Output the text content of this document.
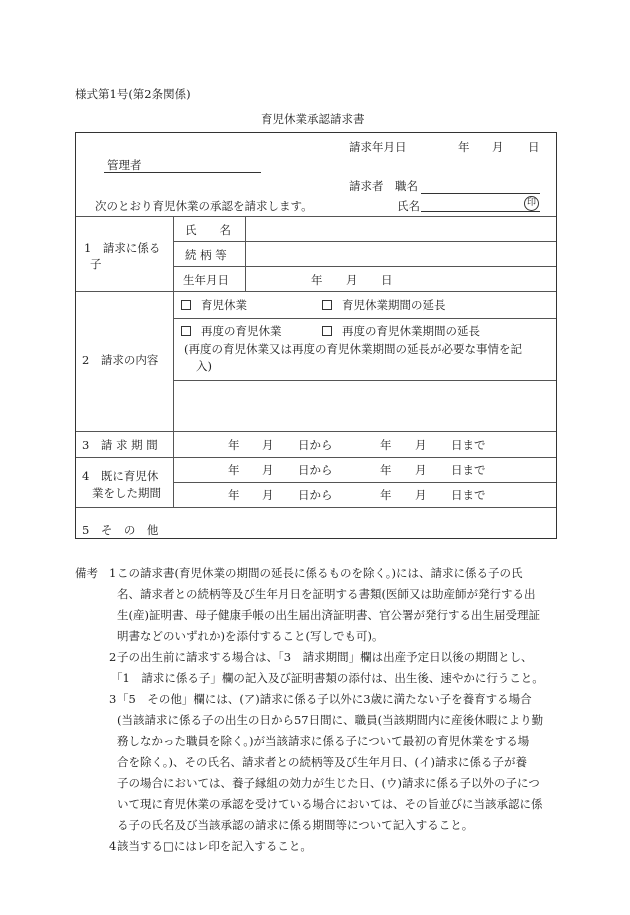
様式第1号(第2条関係)
育児休業承認請求書
請求年月日	年 月 日
管理者
請求者 職名
次のとおり育児休業の承認を請求します。	氏名	印
1　請求に係る
子
氏　　名
続 柄 等
生年月日	年 月 日
2　請求の内容
育児休業	育児休業期間の延長
再度の育児休業	再度の育児休業期間の延長
(再度の育児休業又は再度の育児休業期間の延長が必要な事情を記
入)
3　請 求 期 間	年 月 日から	年 月 日まで
4　既に育児休
業をした期間
年 月 日から	年 月 日まで
年 月 日から	年 月 日まで
5　そ　の　他
備考 1 この請求書(育児休業の期間の延長に係るものを除く。)には、請求に係る子の氏
名、請求者との続柄等及び生年月日を証明する書類(医師又は助産師が発行する出
生(産)証明書、母子健康手帳の出生届出済証明書、官公署が発行する出生届受理証
明書などのいずれか)を添付すること(写しでも可)。
2 子の出生前に請求する場合は、「3　請求期間」欄は出産予定日以後の期間とし、
「1　請求に係る子」欄の記入及び証明書類の添付は、出生後、速やかに行うこと。
3 「5　その他」欄には、(ア)請求に係る子以外に3歳に満たない子を養育する場合
(当該請求に係る子の出生の日から57日間に、職員(当該期間内に産後休暇により勤
務しなかった職員を除く。)が当該請求に係る子について最初の育児休業をする場
合を除く。)、その氏名、請求者との続柄等及び生年月日、(イ)請求に係る子が養
子の場合においては、養子縁組の効力が生じた日、(ウ)請求に係る子以外の子につ
いて現に育児休業の承認を受けている場合においては、その旨並びに当該承認に係
る子の氏名及び当該承認の請求に係る期間等について記入すること。
4 該当する□にはレ印を記入すること。
